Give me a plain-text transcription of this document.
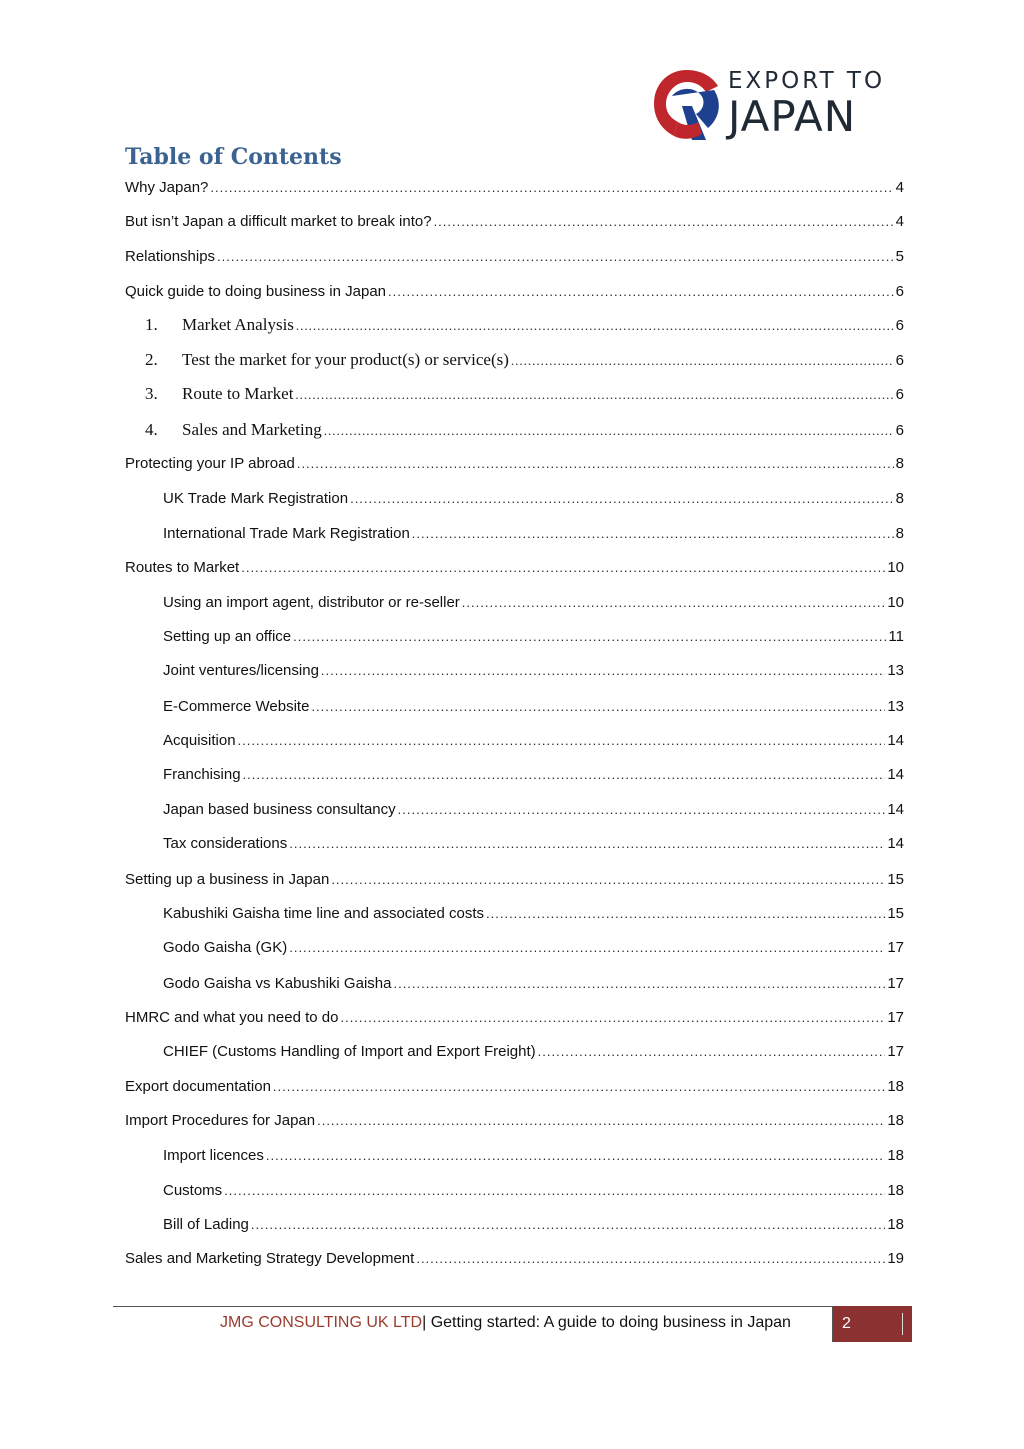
EXPORT TO
JAPAN
Table of Contents
Why Japan? .....	4
But isn’t Japan a difficult market to break into? .....	4
Relationships .....	5
Quick guide to doing business in Japan .....	6
1.	Market Analysis .....	6
2.	Test the market for your product(s) or service(s) .....	6
3.	Route to Market .....	6
4.	Sales and Marketing .....	6
Protecting your IP abroad .....	8
UK Trade Mark Registration .....	8
International Trade Mark Registration .....	8
Routes to Market .....	10
Using an import agent, distributor or re-seller .....	10
Setting up an office .....	11
Joint ventures/licensing .....	13
E-Commerce Website .....	13
Acquisition .....	14
Franchising .....	14
Japan based business consultancy .....	14
Tax considerations .....	14
Setting up a business in Japan .....	15
Kabushiki Gaisha time line and associated costs .....	15
Godo Gaisha (GK) .....	17
Godo Gaisha vs Kabushiki Gaisha .....	17
HMRC and what you need to do .....	17
CHIEF (Customs Handling of Import and Export Freight) .....	17
Export documentation .....	18
Import Procedures for Japan .....	18
Import licences .....	18
Customs .....	18
Bill of Lading .....	18
Sales and Marketing Strategy Development .....	19
JMG CONSULTING UK LTD| Getting started: A guide to doing business in Japan	2
